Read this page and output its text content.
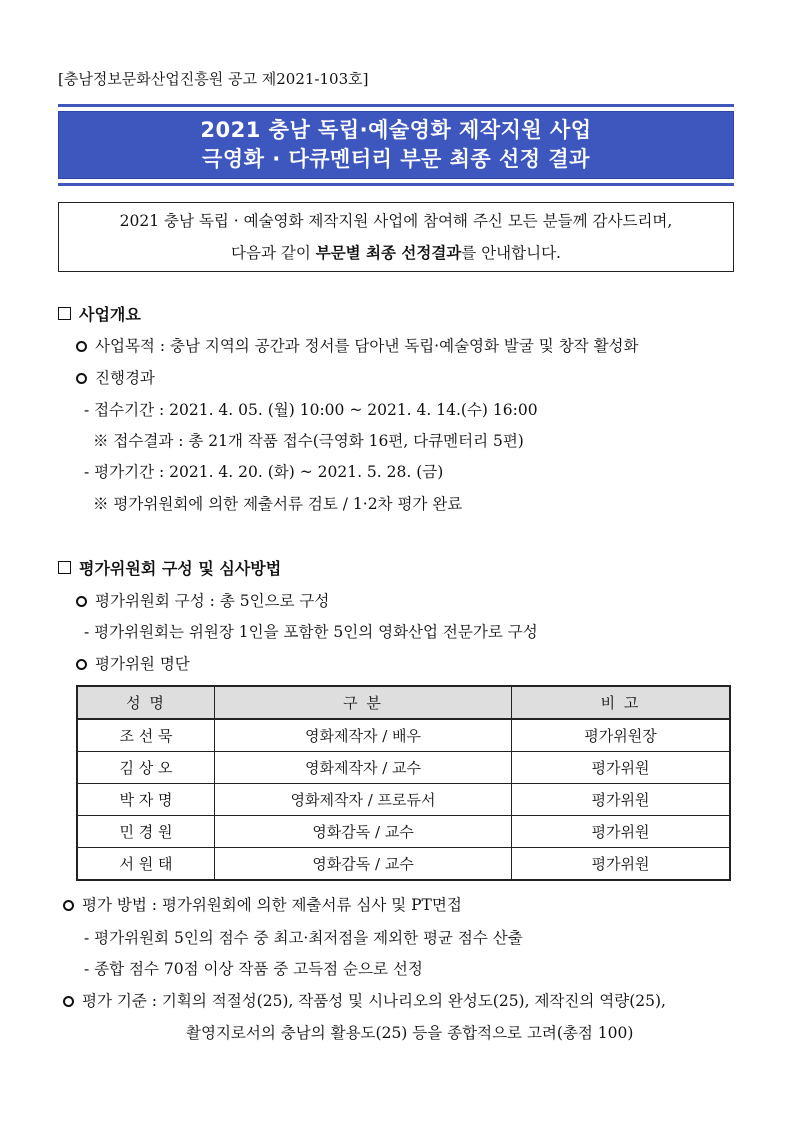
[충남정보문화산업진흥원 공고 제2021-103호]
2021 충남 독립·예술영화 제작지원 사업
극영화 · 다큐멘터리 부문 최종 선정 결과
2021 충남 독립 · 예술영화 제작지원 사업에 참여해 주신 모든 분들께 감사드리며,
다음과 같이 부문별 최종 선정결과를 안내합니다.
사업개요
사업목적 : 충남 지역의 공간과 정서를 담아낸 독립·예술영화 발굴 및 창작 활성화
진행경과
- 접수기간 : 2021. 4. 05. (월) 10:00 ~ 2021. 4. 14.(수) 16:00
※ 접수결과 : 총 21개 작품 접수(극영화 16편, 다큐멘터리 5편)
- 평가기간 : 2021. 4. 20. (화) ~ 2021. 5. 28. (금)
※ 평가위원회에 의한 제출서류 검토 / 1·2차 평가 완료
평가위원회 구성 및 심사방법
평가위원회 구성 : 총 5인으로 구성
- 평가위원회는 위원장 1인을 포함한 5인의 영화산업 전문가로 구성
평가위원 명단
성 명	구 분	비 고
조 선 묵	영화제작자 / 배우	평가위원장
김 상 오	영화제작자 / 교수	평가위원
박 자 명	영화제작자 / 프로듀서	평가위원
민 경 원	영화감독 / 교수	평가위원
서 원 태	영화감독 / 교수	평가위원
평가 방법 : 평가위원회에 의한 제출서류 심사 및 PT면접
- 평가위원회 5인의 점수 중 최고·최저점을 제외한 평균 점수 산출
- 종합 점수 70점 이상 작품 중 고득점 순으로 선정
평가 기준 : 기획의 적절성(25), 작품성 및 시나리오의 완성도(25), 제작진의 역량(25),
촬영지로서의 충남의 활용도(25) 등을 종합적으로 고려(총점 100)
